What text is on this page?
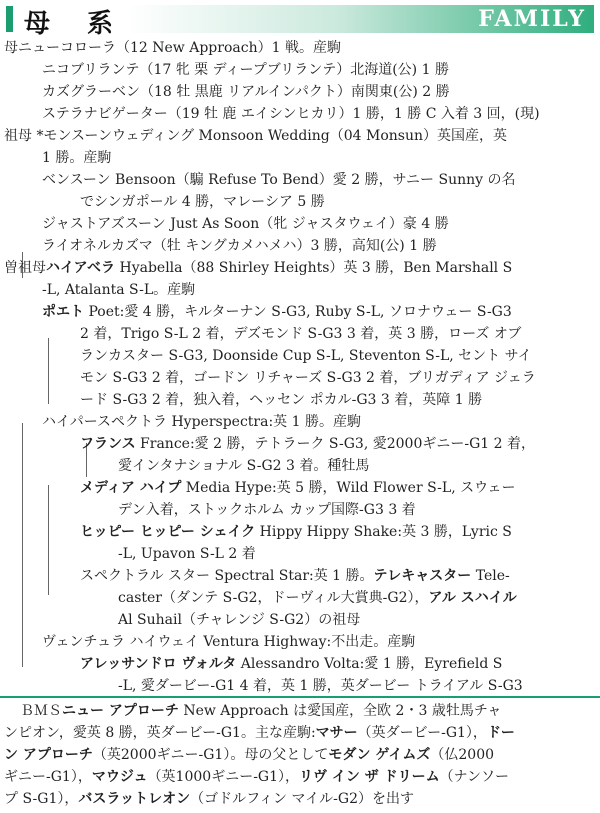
母 系	FAMILY
母ニューコローラ（12 New Approach）1 戦。産駒
ニコブリランテ（17 牝 栗 ディープブリランテ）北海道(公) 1 勝
カズグラーベン（18 牡 黒鹿 リアルインパクト）南関東(公) 2 勝
ステラナビゲーター（19 牡 鹿 エイシンヒカリ）1 勝，1 勝 C 入着 3 回，(現)
祖母 *モンスーンウェディング Monsoon Wedding（04 Monsun）英国産，英
1 勝。産駒
ベンスーン Bensoon（騸 Refuse To Bend）愛 2 勝，サニー Sunny の名
でシンガポール 4 勝，マレーシア 5 勝
ジャストアズスーン Just As Soon（牝 ジャスタウェイ）豪 4 勝
ライオネルカズマ（牡 キングカメハメハ）3 勝，高知(公) 1 勝
曽祖母ハイアベラ Hyabella（88 Shirley Heights）英 3 勝，Ben Marshall S
-L, Atalanta S-L。産駒
ポエト Poet:愛 4 勝，キルターナン S-G3, Ruby S-L, ソロナウェー S-G3
2 着，Trigo S-L 2 着，デズモンド S-G3 3 着，英 3 勝，ローズ オブ
ランカスター S-G3, Doonside Cup S-L, Steventon S-L, セント サイ
モン S-G3 2 着，ゴードン リチャーズ S-G3 2 着，ブリガディア ジェラ
ード S-G3 2 着，独入着，ヘッセン ポカル-G3 3 着，英障 1 勝
ハイパースペクトラ Hyperspectra:英 1 勝。産駒
フランス France:愛 2 勝，テトラーク S-G3, 愛2000ギニー-G1 2 着，
愛インタナショナル S-G2 3 着。種牡馬
メディア ハイプ Media Hype:英 5 勝，Wild Flower S-L, スウェー
デン入着，ストックホルム カップ国際-G3 3 着
ヒッピー ヒッピー シェイク Hippy Hippy Shake:英 3 勝，Lyric S
-L, Upavon S-L 2 着
スペクトラル スター Spectral Star:英 1 勝。テレキャスター Tele-
caster（ダンテ S-G2，ドーヴィル大賞典-G2），アル スハイル
Al Suhail（チャレンジ S-G2）の祖母
ヴェンチュラ ハイウェイ Ventura Highway:不出走。産駒
アレッサンドロ ヴォルタ Alessandro Volta:愛 1 勝，Eyrefield S
-L, 愛ダービー-G1 4 着，英 1 勝，英ダービー トライアル S-G3
ＢＭＳニュー アプローチ New Approach は愛国産，全欧 2・3 歳牡馬チャ
ンピオン，愛英 8 勝，英ダービー-G1。主な産駒:マサー（英ダービー-G1），ドー
ン アプローチ（英2000ギニー-G1）。母の父としてモダン ゲイムズ（仏2000
ギニー-G1），マウジュ（英1000ギニー-G1），リヴ イン ザ ドリーム（ナンソー
プ S-G1），バスラットレオン（ゴドルフィン マイル-G2）を出す
